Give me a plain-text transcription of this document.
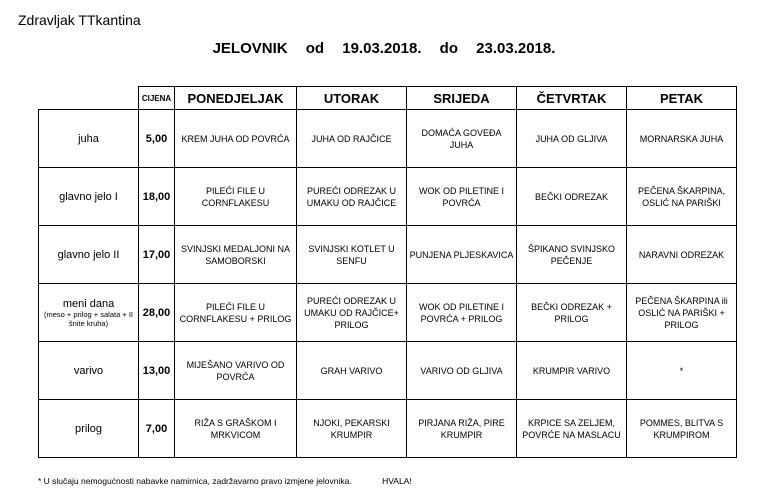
Zdravljak TTkantina
JELOVNIK od 19.03.2018. do 23.03.2018.
	CIJENA	PONEDJELJAK	UTORAK	SRIJEDA	ČETVRTAK	PETAK
juha	5,00	KREM JUHA OD POVRĆA	JUHA OD RAJČICE	DOMAĆA GOVEĐA JUHA	JUHA OD GLJIVA	MORNARSKA JUHA
glavno jelo I	18,00	PILEĆI FILE U CORNFLAKESU	PUREĆI ODREZAK U UMAKU OD RAJČICE	WOK OD PILETINE I POVRĆA	BEČKI ODREZAK	PEČENA ŠKARPINA, OSLIĆ NA PARIŠKI
glavno jelo II	17,00	SVINJSKI MEDALJONI NA SAMOBORSKI	SVINJSKI KOTLET U SENFU	PUNJENA PLJESKAVICA	ŠPIKANO SVINJSKO PEČENJE	NARAVNI ODREZAK
meni dana
(meso + prilog + salata + II šnite kruha)	28,00	PILEĆI FILE U CORNFLAKESU + PRILOG	PUREĆI ODREZAK U UMAKU OD RAJČICE+ PRILOG	WOK OD PILETINE I POVRĆA + PRILOG	BEČKI ODREZAK + PRILOG	PEČENA ŠKARPINA ili OSLIĆ NA PARIŠKI + PRILOG
varivo	13,00	MIJEŠANO VARIVO OD POVRĆA	GRAH VARIVO	VARIVO OD GLJIVA	KRUMPIR VARIVO	*
prilog	7,00	RIŽA S GRAŠKOM I MRKVICOM	NJOKI, PEKARSKI KRUMPIR	PIRJANA RIŽA, PIRE KRUMPIR	KRPICE SA ZELJEM, POVRĆE NA MASLACU	POMMES, BLITVA S KRUMPIROM
* U slučaju nemogućnosti nabavke namirnica, zadržavamo pravo izmjene jelovnika.	HVALA!
